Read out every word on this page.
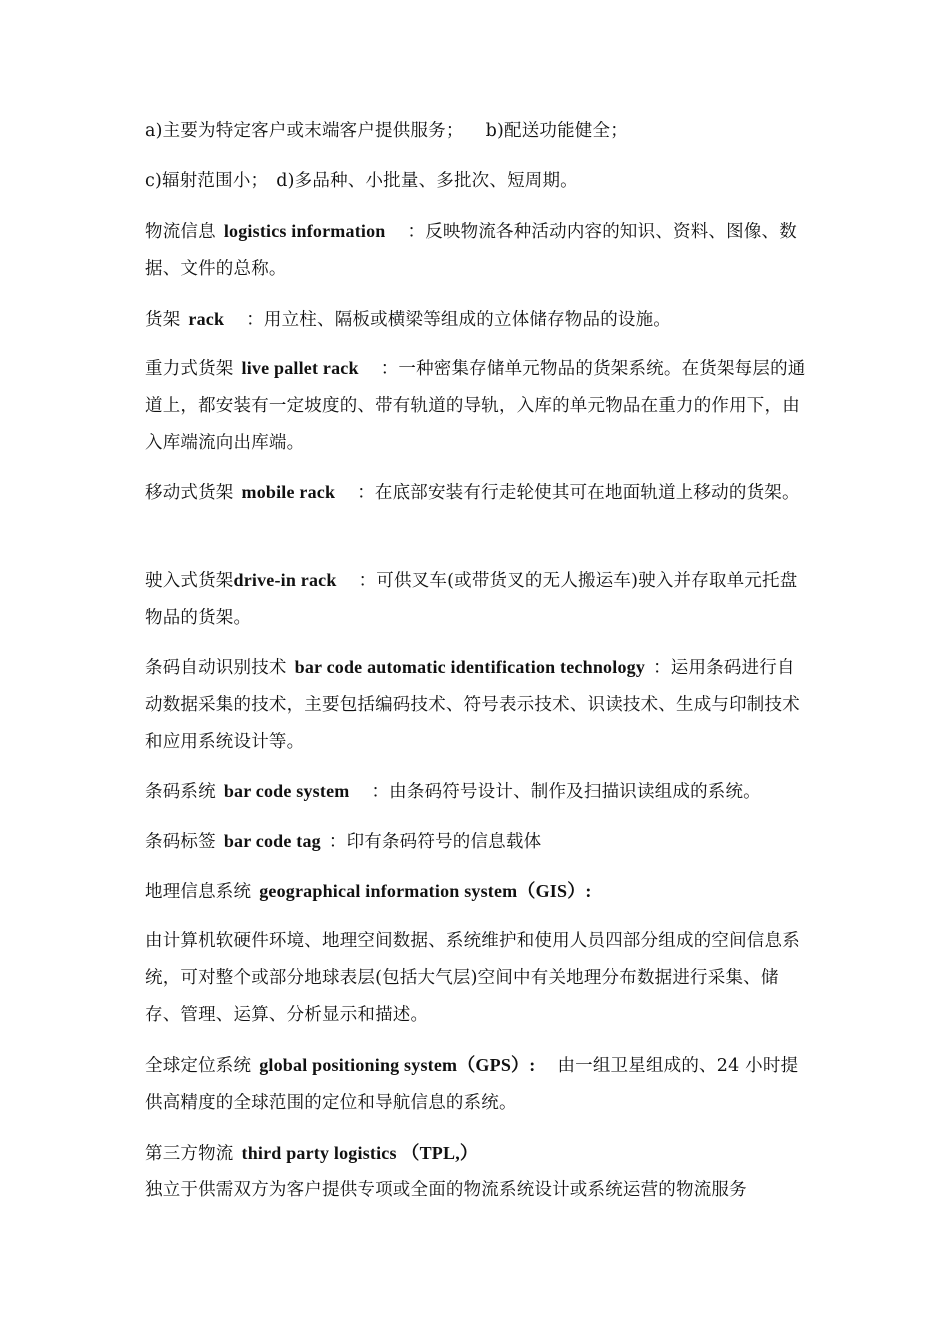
a)主要为特定客户或末端客户提供服务； b)配送功能健全；

c)辐射范围小； d)多品种、小批量、多批次、短周期。

物流信息 logistics information ：反映物流各种活动内容的知识、资料、图像、数据、文件的总称。

货架 rack ：用立柱、隔板或横梁等组成的立体储存物品的设施。

重力式货架 live pallet rack ：一种密集存储单元物品的货架系统。在货架每层的通道上，都安装有一定坡度的、带有轨道的导轨，入库的单元物品在重力的作用下，由入库端流向出库端。

移动式货架 mobile rack ：在底部安装有行走轮使其可在地面轨道上移动的货架。

驶入式货架drive-in rack ：可供叉车(或带货叉的无人搬运车)驶入并存取单元托盘物品的货架。

条码自动识别技术 bar code automatic identification technology ：运用条码进行自动数据采集的技术，主要包括编码技术、符号表示技术、识读技术、生成与印制技术和应用系统设计等。

条码系统 bar code system ：由条码符号设计、制作及扫描识读组成的系统。

条码标签 bar code tag ：印有条码符号的信息载体

地理信息系统 geographical information system（GIS）:

由计算机软硬件环境、地理空间数据、系统维护和使用人员四部分组成的空间信息系统，可对整个或部分地球表层(包括大气层)空间中有关地理分布数据进行采集、储存、管理、运算、分析显示和描述。

全球定位系统 global positioning system（GPS）: 由一组卫星组成的、24 小时提供高精度的全球范围的定位和导航信息的系统。

第三方物流 third party logistics （TPL,）

独立于供需双方为客户提供专项或全面的物流系统设计或系统运营的物流服务
